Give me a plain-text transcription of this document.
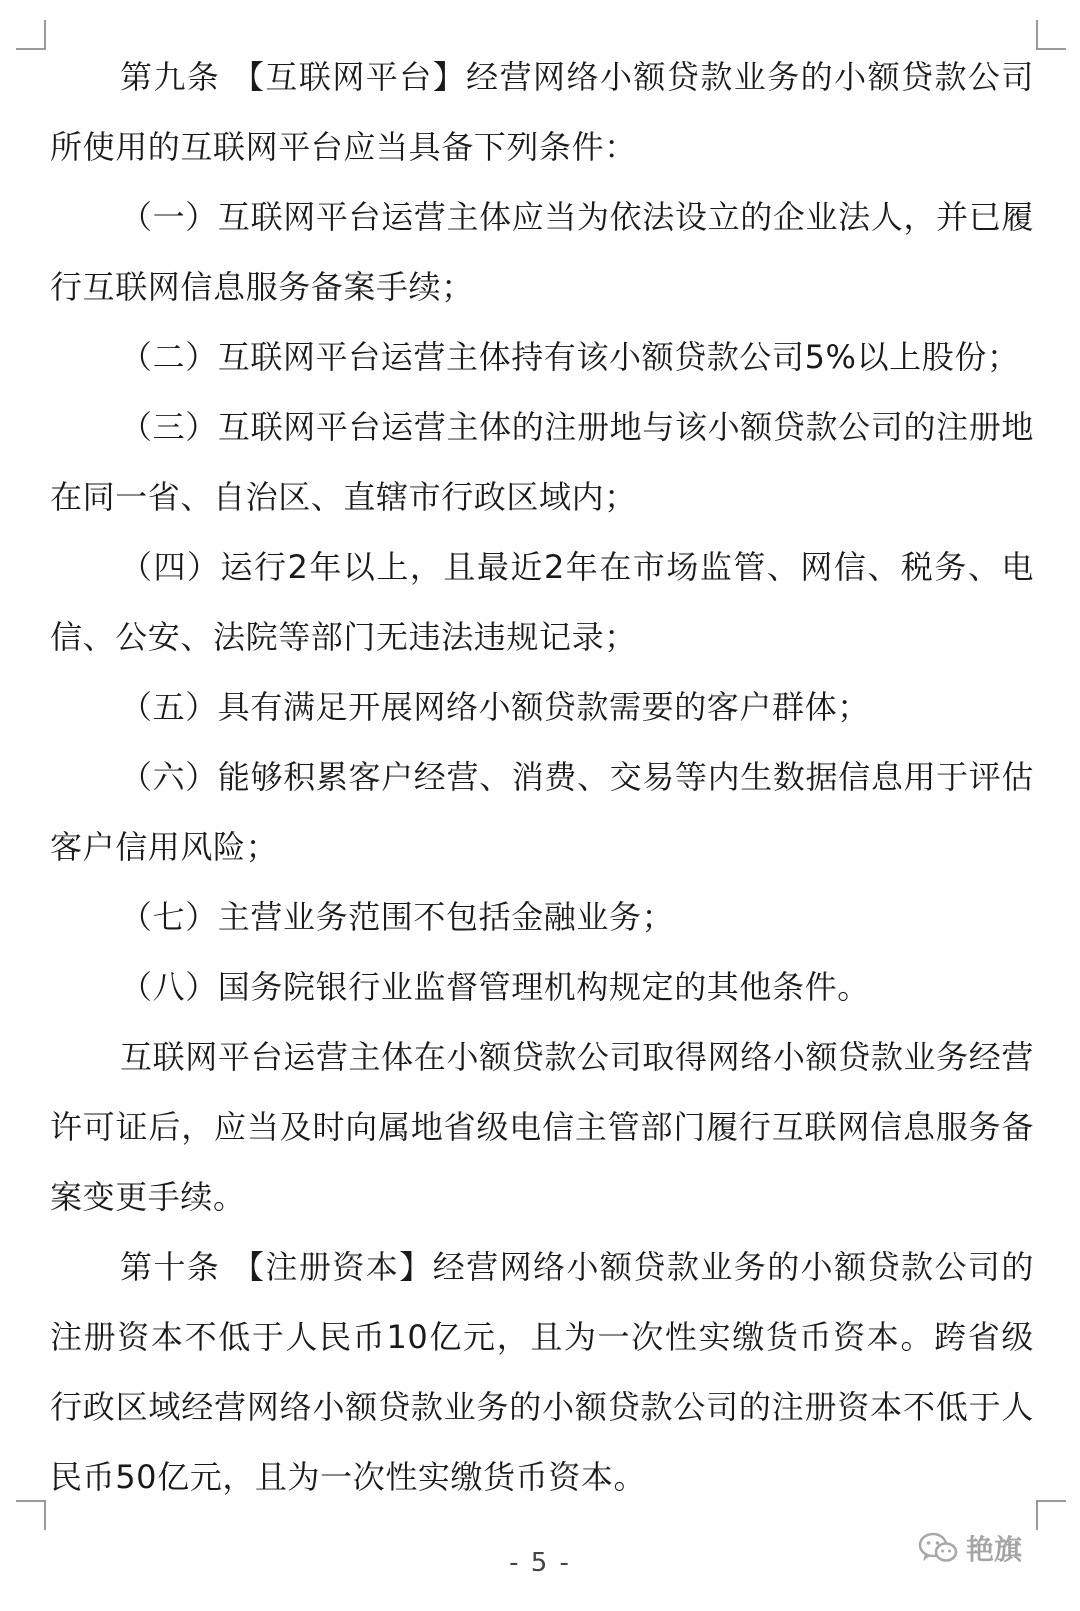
第九条 【互联网平台】经营网络小额贷款业务的小额贷款公司所使用的互联网平台应当具备下列条件：

（一）互联网平台运营主体应当为依法设立的企业法人，并已履行互联网信息服务备案手续；

（二）互联网平台运营主体持有该小额贷款公司5%以上股份；

（三）互联网平台运营主体的注册地与该小额贷款公司的注册地在同一省、自治区、直辖市行政区域内；

（四）运行2年以上，且最近2年在市场监管、网信、税务、电信、公安、法院等部门无违法违规记录；

（五）具有满足开展网络小额贷款需要的客户群体；

（六）能够积累客户经营、消费、交易等内生数据信息用于评估客户信用风险；

（七）主营业务范围不包括金融业务；

（八）国务院银行业监督管理机构规定的其他条件。

互联网平台运营主体在小额贷款公司取得网络小额贷款业务经营许可证后，应当及时向属地省级电信主管部门履行互联网信息服务备案变更手续。

第十条 【注册资本】经营网络小额贷款业务的小额贷款公司的注册资本不低于人民币10亿元，且为一次性实缴货币资本。跨省级行政区域经营网络小额贷款业务的小额贷款公司的注册资本不低于人民币50亿元，且为一次性实缴货币资本。

- 5 -	艳旗
